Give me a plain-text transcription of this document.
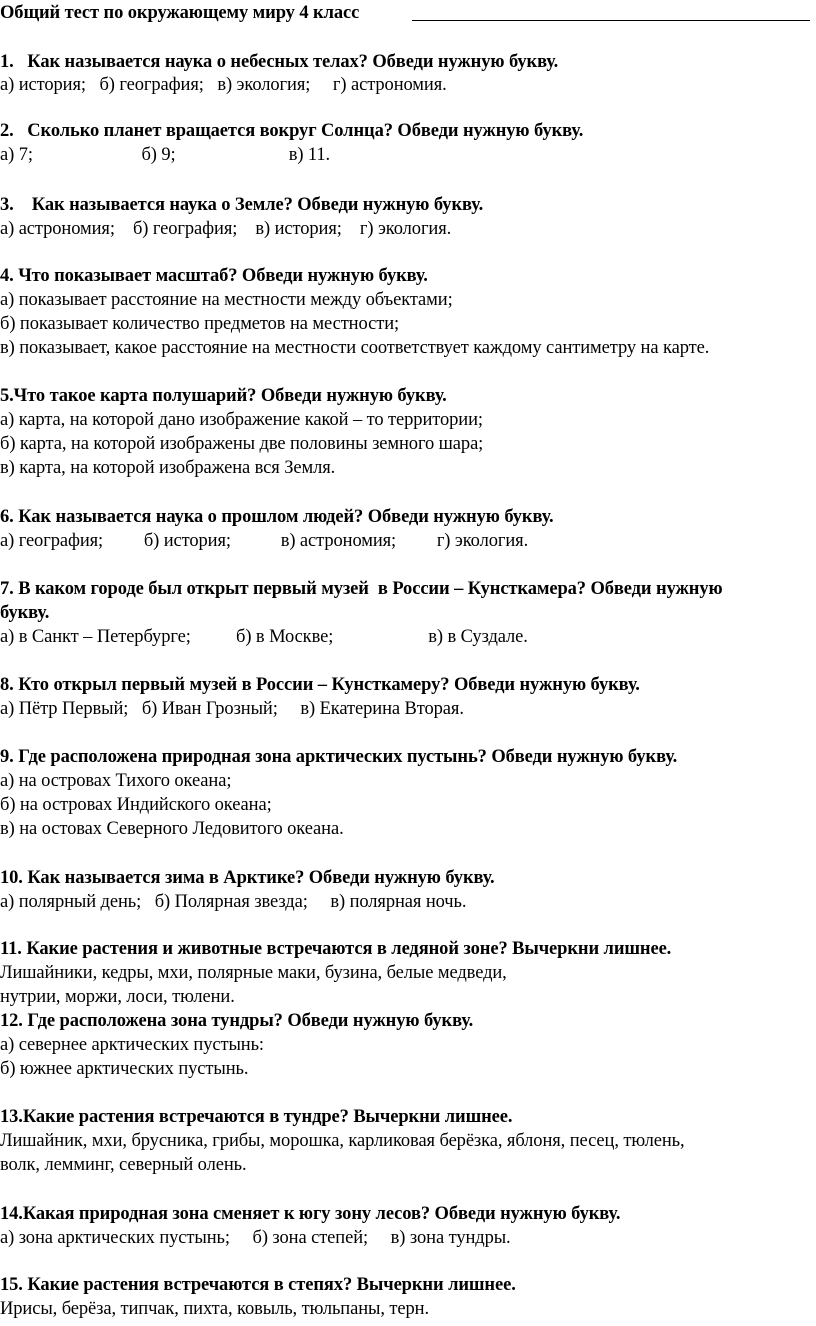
Общий тест по окружающему миру 4 класс
1.   Как называется наука о небесных телах? Обведи нужную букву.
а) история;   б) география;   в) экология;     г) астрономия.
2.   Сколько планет вращается вокруг Солнца? Обведи нужную букву.
а) 7;                        б) 9;                         в) 11.
3.    Как называется наука о Земле? Обведи нужную букву.
а) астрономия;    б) география;    в) история;    г) экология.
4. Что показывает масштаб? Обведи нужную букву.
а) показывает расстояние на местности между объектами;
б) показывает количество предметов на местности;
в) показывает, какое расстояние на местности соответствует каждому сантиметру на карте.
5.Что такое карта полушарий? Обведи нужную букву.
а) карта, на которой дано изображение какой – то территории;
б) карта, на которой изображены две половины земного шара;
в) карта, на которой изображена вся Земля.
6. Как называется наука о прошлом людей? Обведи нужную букву.
а) география;         б) история;           в) астрономия;         г) экология.
7. В каком городе был открыт первый музей  в России – Кунсткамера? Обведи нужную
букву.
а) в Санкт – Петербурге;          б) в Москве;                     в) в Суздале.
8. Кто открыл первый музей в России – Кунсткамеру? Обведи нужную букву.
а) Пётр Первый;   б) Иван Грозный;     в) Екатерина Вторая.
9. Где расположена природная зона арктических пустынь? Обведи нужную букву.
а) на островах Тихого океана;
б) на островах Индийского океана;
в) на остовах Северного Ледовитого океана.
10. Как называется зима в Арктике? Обведи нужную букву.
а) полярный день;   б) Полярная звезда;     в) полярная ночь.
11. Какие растения и животные встречаются в ледяной зоне? Вычеркни лишнее.
Лишайники, кедры, мхи, полярные маки, бузина, белые медведи,
нутрии, моржи, лоси, тюлени.
12. Где расположена зона тундры? Обведи нужную букву.
а) севернее арктических пустынь:
б) южнее арктических пустынь.
13.Какие растения встречаются в тундре? Вычеркни лишнее.
Лишайник, мхи, брусника, грибы, морошка, карликовая берёзка, яблоня, песец, тюлень,
волк, лемминг, северный олень.
14.Какая природная зона сменяет к югу зону лесов? Обведи нужную букву.
а) зона арктических пустынь;     б) зона степей;     в) зона тундры.
15. Какие растения встречаются в степях? Вычеркни лишнее.
Ирисы, берёза, типчак, пихта, ковыль, тюльпаны, терн.
